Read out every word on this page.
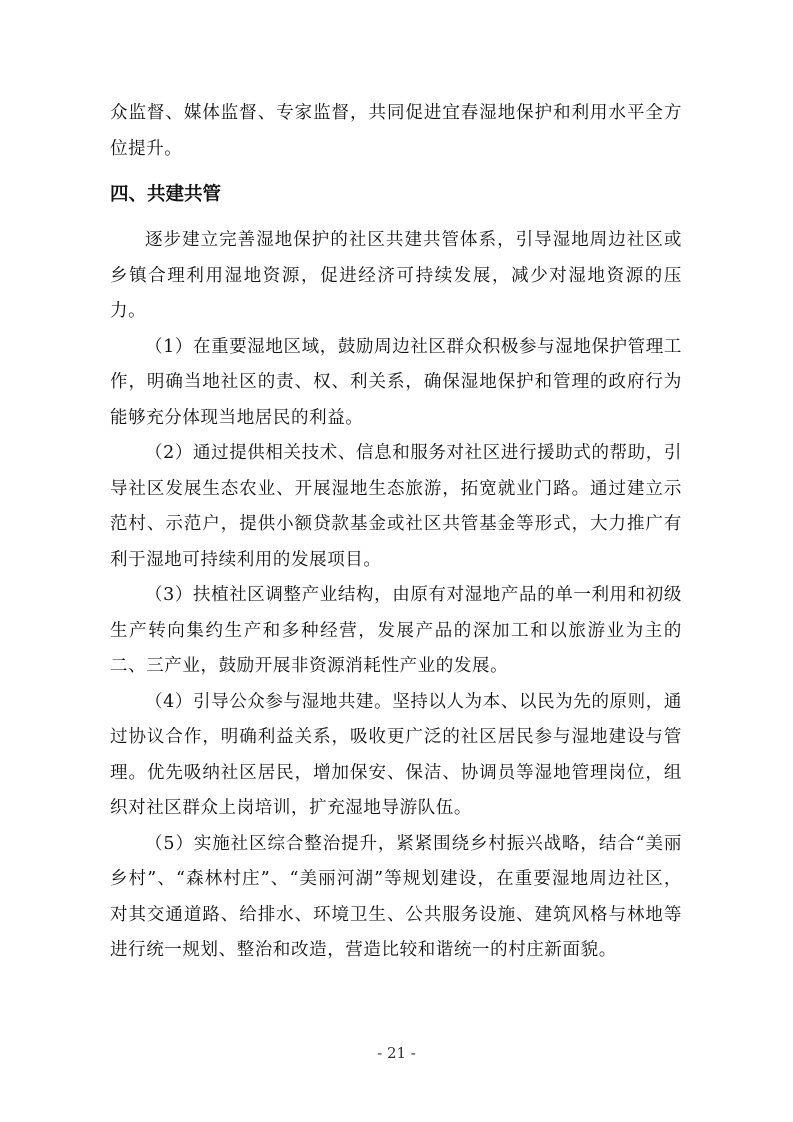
众监督、媒体监督、专家监督，共同促进宜春湿地保护和利用水平全方位提升。

四、共建共管

逐步建立完善湿地保护的社区共建共管体系，引导湿地周边社区或乡镇合理利用湿地资源，促进经济可持续发展，减少对湿地资源的压力。

（1）在重要湿地区域，鼓励周边社区群众积极参与湿地保护管理工作，明确当地社区的责、权、利关系，确保湿地保护和管理的政府行为能够充分体现当地居民的利益。

（2）通过提供相关技术、信息和服务对社区进行援助式的帮助，引导社区发展生态农业、开展湿地生态旅游，拓宽就业门路。通过建立示范村、示范户，提供小额贷款基金或社区共管基金等形式，大力推广有利于湿地可持续利用的发展项目。

（3）扶植社区调整产业结构，由原有对湿地产品的单一利用和初级生产转向集约生产和多种经营，发展产品的深加工和以旅游业为主的二、三产业，鼓励开展非资源消耗性产业的发展。

（4）引导公众参与湿地共建。坚持以人为本、以民为先的原则，通过协议合作，明确利益关系，吸收更广泛的社区居民参与湿地建设与管理。优先吸纳社区居民，增加保安、保洁、协调员等湿地管理岗位，组织对社区群众上岗培训，扩充湿地导游队伍。

（5）实施社区综合整治提升，紧紧围绕乡村振兴战略，结合“美丽乡村”、“森林村庄”、“美丽河湖”等规划建设，在重要湿地周边社区，对其交通道路、给排水、环境卫生、公共服务设施、建筑风格与林地等进行统一规划、整治和改造，营造比较和谐统一的村庄新面貌。

- 21 -
